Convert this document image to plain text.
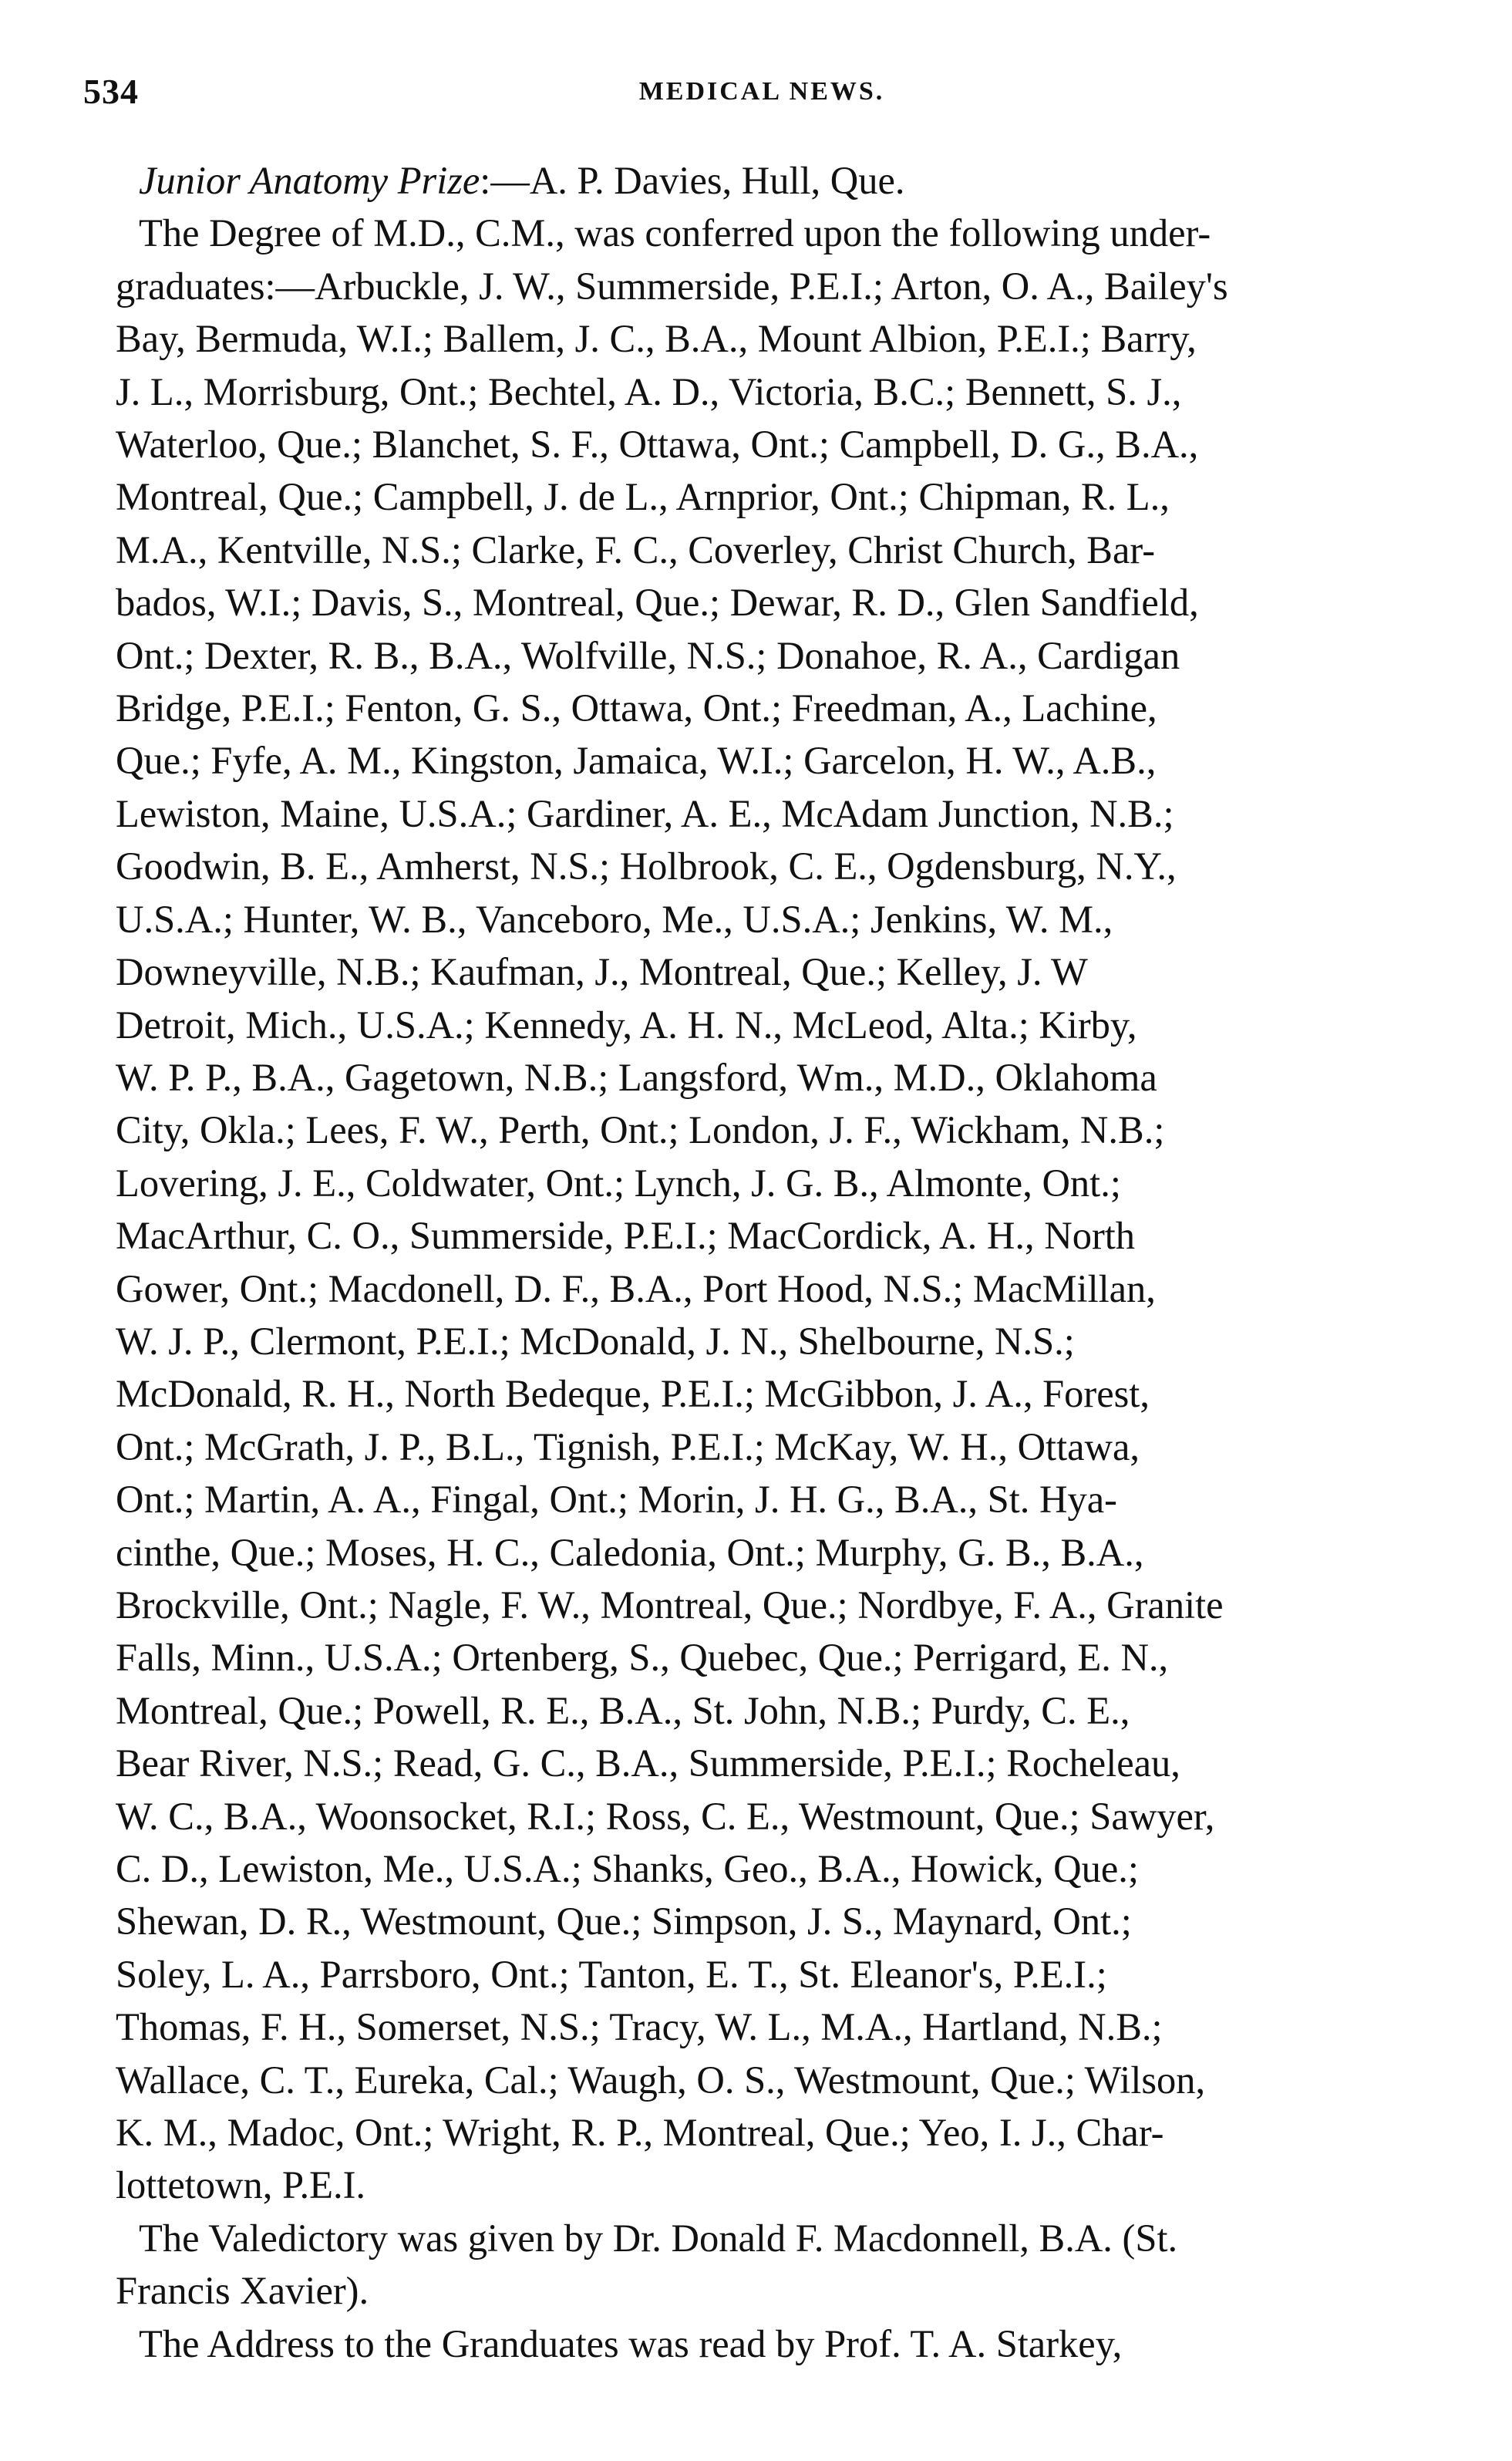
534	MEDICAL NEWS.

Junior Anatomy Prize:—A. P. Davies, Hull, Que.

The Degree of M.D., C.M., was conferred upon the following under-
graduates:—Arbuckle, J. W., Summerside, P.E.I.; Arton, O. A., Bailey's
Bay, Bermuda, W.I.; Ballem, J. C., B.A., Mount Albion, P.E.I.; Barry,
J. L., Morrisburg, Ont.; Bechtel, A. D., Victoria, B.C.; Bennett, S. J.,
Waterloo, Que.; Blanchet, S. F., Ottawa, Ont.; Campbell, D. G., B.A.,
Montreal, Que.; Campbell, J. de L., Arnprior, Ont.; Chipman, R. L.,
M.A., Kentville, N.S.; Clarke, F. C., Coverley, Christ Church, Bar-
bados, W.I.; Davis, S., Montreal, Que.; Dewar, R. D., Glen Sandfield,
Ont.; Dexter, R. B., B.A., Wolfville, N.S.; Donahoe, R. A., Cardigan
Bridge, P.E.I.; Fenton, G. S., Ottawa, Ont.; Freedman, A., Lachine,
Que.; Fyfe, A. M., Kingston, Jamaica, W.I.; Garcelon, H. W., A.B.,
Lewiston, Maine, U.S.A.; Gardiner, A. E., McAdam Junction, N.B.;
Goodwin, B. E., Amherst, N.S.; Holbrook, C. E., Ogdensburg, N.Y.,
U.S.A.; Hunter, W. B., Vanceboro, Me., U.S.A.; Jenkins, W. M.,
Downeyville, N.B.; Kaufman, J., Montreal, Que.; Kelley, J. W
Detroit, Mich., U.S.A.; Kennedy, A. H. N., McLeod, Alta.; Kirby,
W. P. P., B.A., Gagetown, N.B.; Langsford, Wm., M.D., Oklahoma
City, Okla.; Lees, F. W., Perth, Ont.; London, J. F., Wickham, N.B.;
Lovering, J. E., Coldwater, Ont.; Lynch, J. G. B., Almonte, Ont.;
MacArthur, C. O., Summerside, P.E.I.; MacCordick, A. H., North
Gower, Ont.; Macdonell, D. F., B.A., Port Hood, N.S.; MacMillan,
W. J. P., Clermont, P.E.I.; McDonald, J. N., Shelbourne, N.S.;
McDonald, R. H., North Bedeque, P.E.I.; McGibbon, J. A., Forest,
Ont.; McGrath, J. P., B.L., Tignish, P.E.I.; McKay, W. H., Ottawa,
Ont.; Martin, A. A., Fingal, Ont.; Morin, J. H. G., B.A., St. Hya-
cinthe, Que.; Moses, H. C., Caledonia, Ont.; Murphy, G. B., B.A.,
Brockville, Ont.; Nagle, F. W., Montreal, Que.; Nordbye, F. A., Granite
Falls, Minn., U.S.A.; Ortenberg, S., Quebec, Que.; Perrigard, E. N.,
Montreal, Que.; Powell, R. E., B.A., St. John, N.B.; Purdy, C. E.,
Bear River, N.S.; Read, G. C., B.A., Summerside, P.E.I.; Rocheleau,
W. C., B.A., Woonsocket, R.I.; Ross, C. E., Westmount, Que.; Sawyer,
C. D., Lewiston, Me., U.S.A.; Shanks, Geo., B.A., Howick, Que.;
Shewan, D. R., Westmount, Que.; Simpson, J. S., Maynard, Ont.;
Soley, L. A., Parrsboro, Ont.; Tanton, E. T., St. Eleanor's, P.E.I.;
Thomas, F. H., Somerset, N.S.; Tracy, W. L., M.A., Hartland, N.B.;
Wallace, C. T., Eureka, Cal.; Waugh, O. S., Westmount, Que.; Wilson,
K. M., Madoc, Ont.; Wright, R. P., Montreal, Que.; Yeo, I. J., Char-
lottetown, P.E.I.

The Valedictory was given by Dr. Donald F. Macdonnell, B.A. (St.
Francis Xavier).

The Address to the Granduates was read by Prof. T. A. Starkey,
